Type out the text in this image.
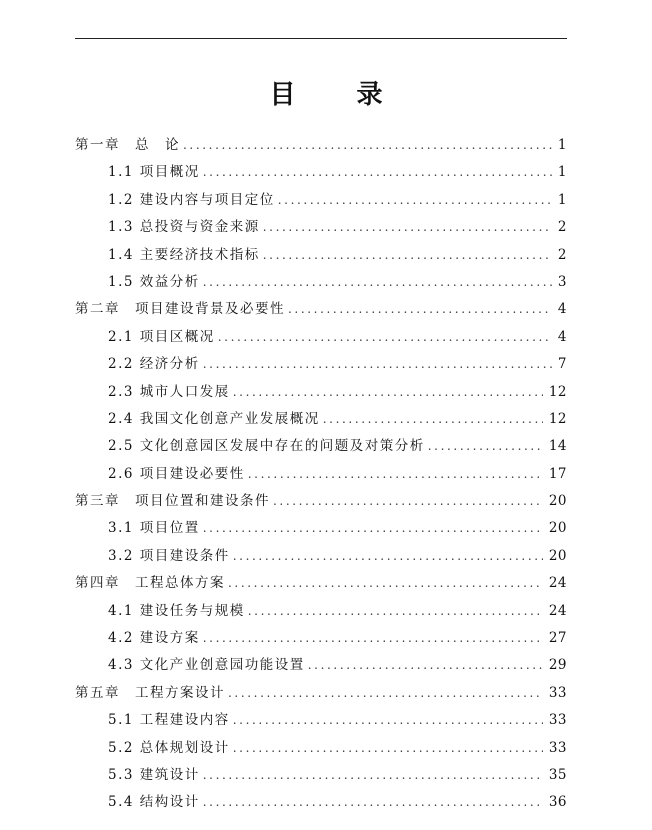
目 录
第一章　总　论 .....	1
1.1 项目概况 .....	1
1.2 建设内容与项目定位 .....	1
1.3 总投资与资金来源 .....	2
1.4 主要经济技术指标 .....	2
1.5 效益分析 .....	3
第二章　项目建设背景及必要性 .....	4
2.1 项目区概况 .....	4
2.2 经济分析 .....	7
2.3 城市人口发展 .....	12
2.4 我国文化创意产业发展概况 .....	12
2.5 文化创意园区发展中存在的问题及对策分析 .....	14
2.6 项目建设必要性 .....	17
第三章　项目位置和建设条件 .....	20
3.1 项目位置 .....	20
3.2 项目建设条件 .....	20
第四章　工程总体方案 .....	24
4.1 建设任务与规模 .....	24
4.2 建设方案 .....	27
4.3 文化产业创意园功能设置 .....	29
第五章　工程方案设计 .....	33
5.1 工程建设内容 .....	33
5.2 总体规划设计 .....	33
5.3 建筑设计 .....	35
5.4 结构设计 .....	36
